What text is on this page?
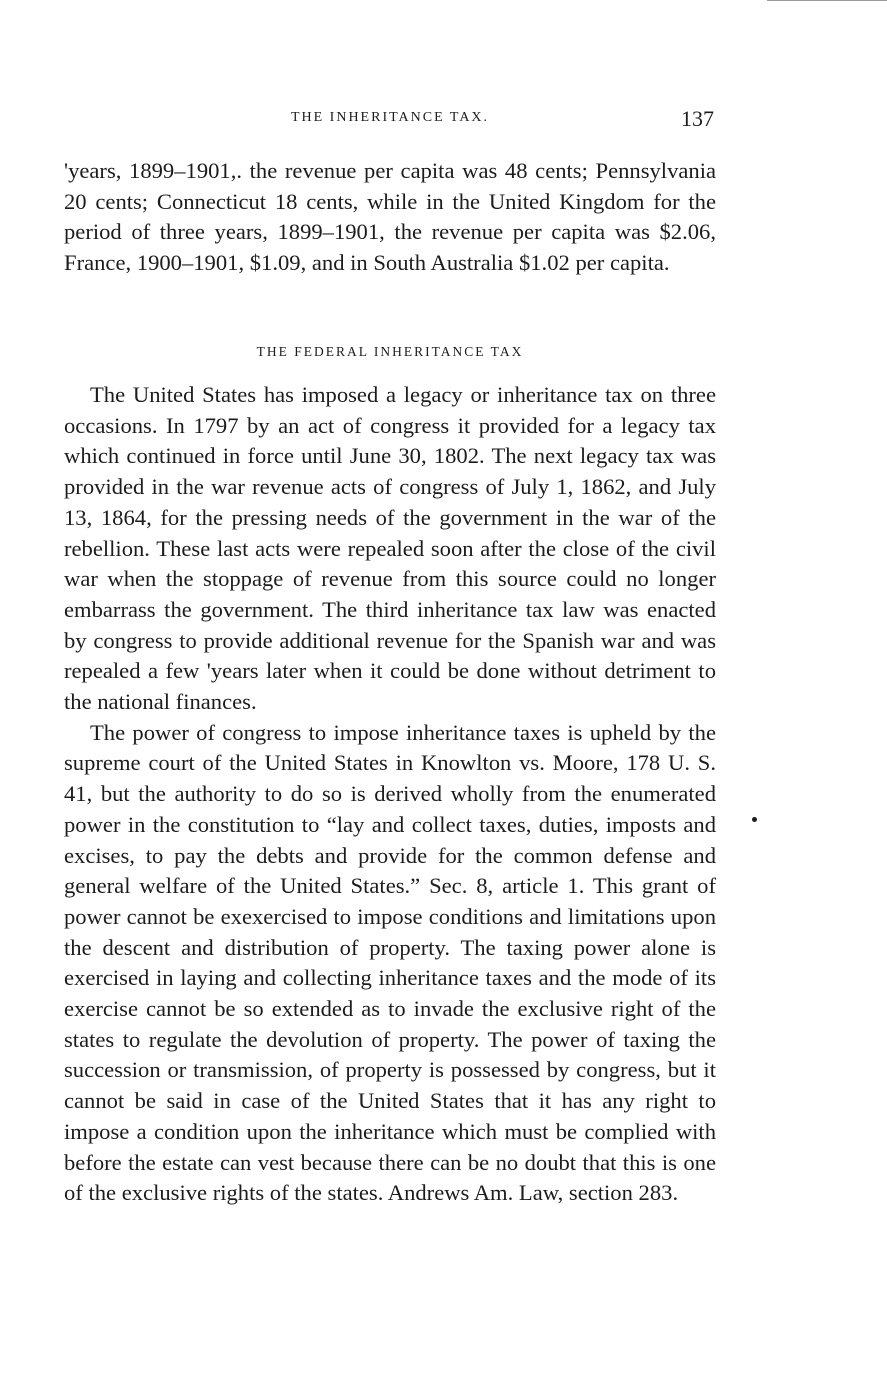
THE INHERITANCE TAX.	137

'years, 1899–1901,. the revenue per capita was 48 cents; Pennsylvania 20 cents; Connecticut 18 cents, while in the United Kingdom for the period of three years, 1899–1901, the revenue per capita was $2.06, France, 1900–1901, $1.09, and in South Australia $1.02 per capita.

THE FEDERAL INHERITANCE TAX

The United States has imposed a legacy or inheritance tax on three occasions. In 1797 by an act of congress it provided for a legacy tax which continued in force until June 30, 1802. The next legacy tax was provided in the war revenue acts of congress of July 1, 1862, and July 13, 1864, for the pressing needs of the government in the war of the rebellion. These last acts were repealed soon after the close of the civil war when the stoppage of revenue from this source could no longer embarrass the government. The third inheritance tax law was enacted by congress to provide additional revenue for the Spanish war and was repealed a few 'years later when it could be done without detriment to the national finances.

The power of congress to impose inheritance taxes is upheld by the supreme court of the United States in Knowlton vs. Moore, 178 U. S. 41, but the authority to do so is derived wholly from the enumerated power in the constitution to “lay and collect taxes, duties, imposts and excises, to pay the debts and provide for the common defense and general welfare of the United States.” Sec. 8, article 1. This grant of power cannot be exexercised to impose conditions and limitations upon the descent and distribution of property. The taxing power alone is exercised in laying and collecting inheritance taxes and the mode of its exercise cannot be so extended as to invade the exclusive right of the states to regulate the devolution of property. The power of taxing the succession or transmission, of property is possessed by congress, but it cannot be said in case of the United States that it has any right to impose a condition upon the inheritance which must be complied with before the estate can vest because there can be no doubt that this is one of the exclusive rights of the states. Andrews Am. Law, section 283.
